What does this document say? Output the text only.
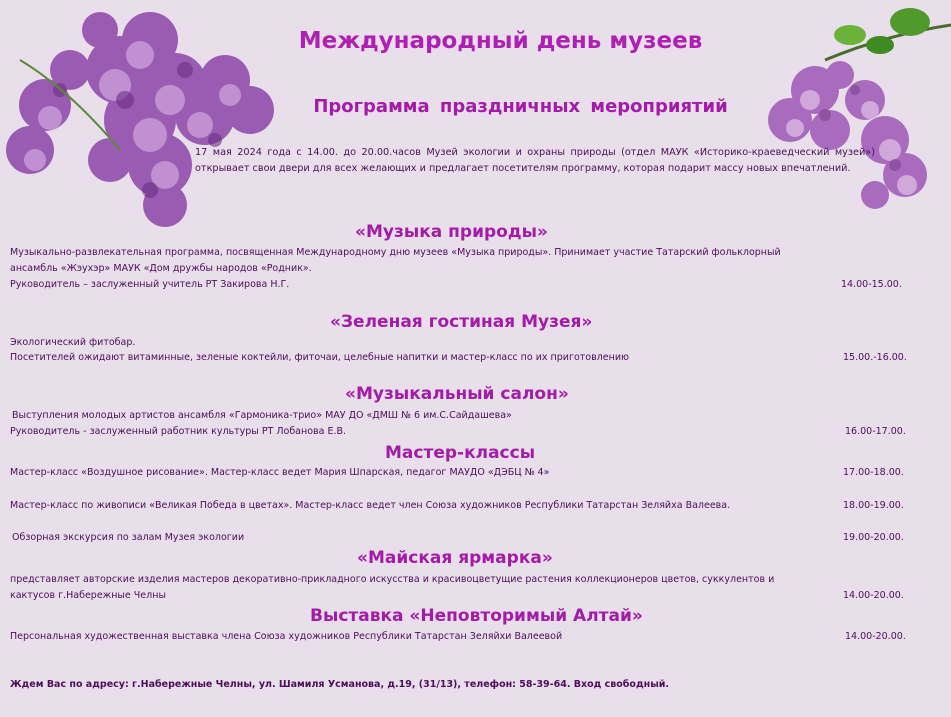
Международный день музеев
Программа праздничных мероприятий
17 мая 2024 года с 14.00. до 20.00.часов Музей экологии и охраны природы (отдел МАУК «Историко-краеведческий музей») открывает свои двери для всех желающих и предлагает посетителям программу, которая подарит массу новых впечатлений.
«Музыка природы»
Музыкально-развлекательная программа, посвященная Международному дню музеев «Музыка природы». Принимает участие Татарский фольклорный
ансамбль «Жэухэр» МАУК «Дом дружбы народов «Родник».
Руководитель – заслуженный учитель РТ Закирова Н.Г.	14.00-15.00.
«Зеленая гостиная Музея»
Экологический фитобар.
Посетителей ожидают витаминные, зеленые коктейли, фиточаи, целебные напитки и мастер-класс по их приготовлению	15.00.-16.00.
«Музыкальный салон»
Выступления молодых артистов ансамбля «Гармоника-трио» МАУ ДО «ДМШ № 6 им.С.Сайдашева»
Руководитель - заслуженный работник культуры РТ Лобанова Е.В.	16.00-17.00.
Мастер-классы
Мастер-класс «Воздушное рисование». Мастер-класс ведет Мария Шпарская, педагог МАУДО «ДЭБЦ № 4»	17.00-18.00.
Мастер-класс по живописи «Великая Победа в цветах». Мастер-класс ведет член Союза художников Республики Татарстан Зеляйха Валеева.	18.00-19.00.
Обзорная экскурсия по залам Музея экологии	19.00-20.00.
«Майская ярмарка»
представляет авторские изделия мастеров декоративно-прикладного искусства и красивоцветущие растения коллекционеров цветов, суккулентов и
кактусов г.Набережные Челны	14.00-20.00.
Выставка «Неповторимый Алтай»
Персональная художественная выставка члена Союза художников Республики Татарстан Зеляйхи Валеевой	14.00-20.00.
Ждем Вас по адресу: г.Набережные Челны, ул. Шамиля Усманова, д.19, (31/13), телефон: 58-39-64. Вход свободный.
